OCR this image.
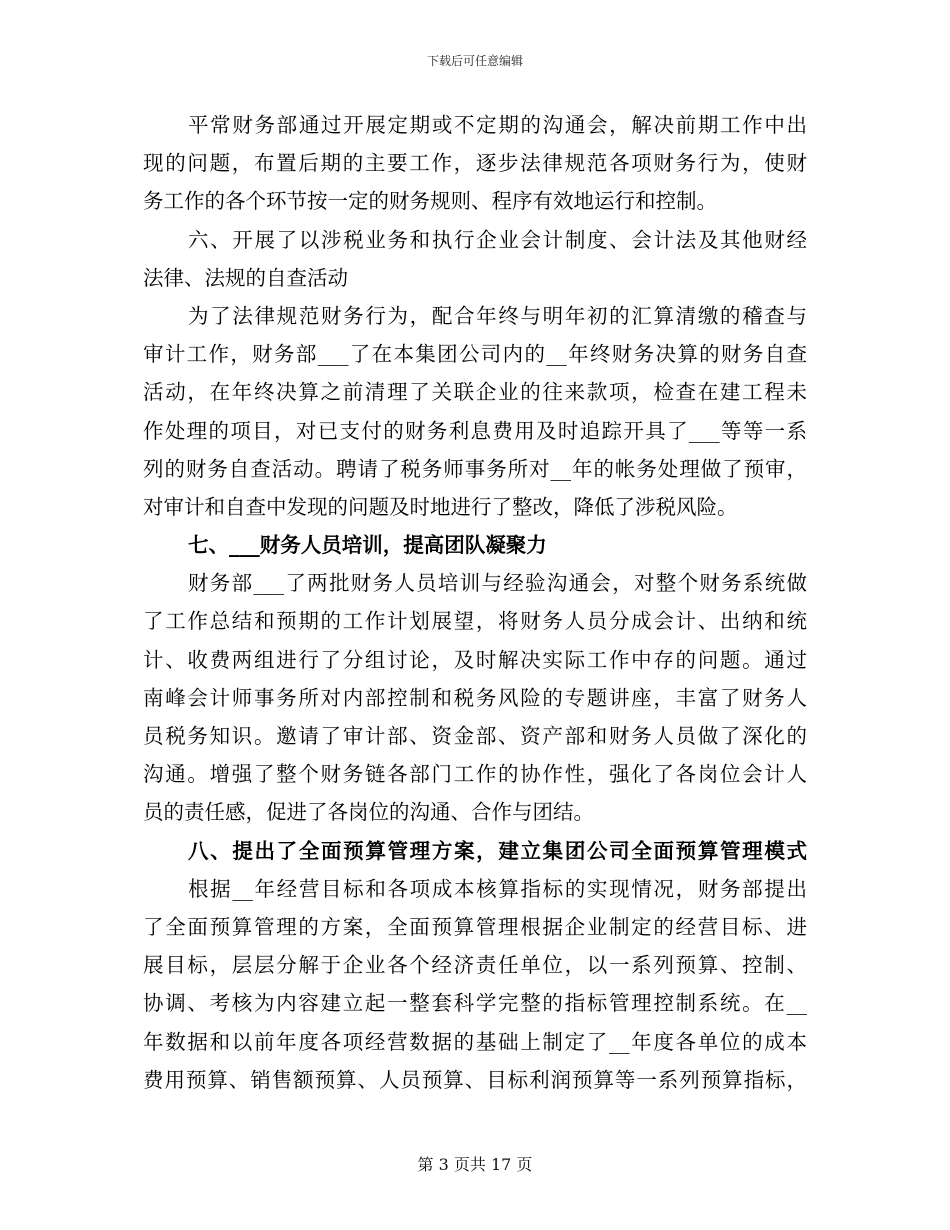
下载后可任意编辑
平常财务部通过开展定期或不定期的沟通会，解决前期工作中出
现的问题，布置后期的主要工作，逐步法律规范各项财务行为，使财
务工作的各个环节按一定的财务规则、程序有效地运行和控制。
六、开展了以涉税业务和执行企业会计制度、会计法及其他财经
法律、法规的自查活动
为了法律规范财务行为，配合年终与明年初的汇算清缴的稽查与
审计工作，财务部___了在本集团公司内的__年终财务决算的财务自查
活动，在年终决算之前清理了关联企业的往来款项，检查在建工程未
作处理的项目，对已支付的财务利息费用及时追踪开具了___等等一系
列的财务自查活动。聘请了税务师事务所对__年的帐务处理做了预审，
对审计和自查中发现的问题及时地进行了整改，降低了涉税风险。
七、___财务人员培训，提高团队凝聚力
财务部___了两批财务人员培训与经验沟通会，对整个财务系统做
了工作总结和预期的工作计划展望，将财务人员分成会计、出纳和统
计、收费两组进行了分组讨论，及时解决实际工作中存的问题。通过
南峰会计师事务所对内部控制和税务风险的专题讲座，丰富了财务人
员税务知识。邀请了审计部、资金部、资产部和财务人员做了深化的
沟通。增强了整个财务链各部门工作的协作性，强化了各岗位会计人
员的责任感，促进了各岗位的沟通、合作与团结。
八、提出了全面预算管理方案，建立集团公司全面预算管理模式
根据__年经营目标和各项成本核算指标的实现情况，财务部提出
了全面预算管理的方案，全面预算管理根据企业制定的经营目标、进
展目标，层层分解于企业各个经济责任单位，以一系列预算、控制、
协调、考核为内容建立起一整套科学完整的指标管理控制系统。在__
年数据和以前年度各项经营数据的基础上制定了__年度各单位的成本
费用预算、销售额预算、人员预算、目标利润预算等一系列预算指标，
第 3 页共 17 页
